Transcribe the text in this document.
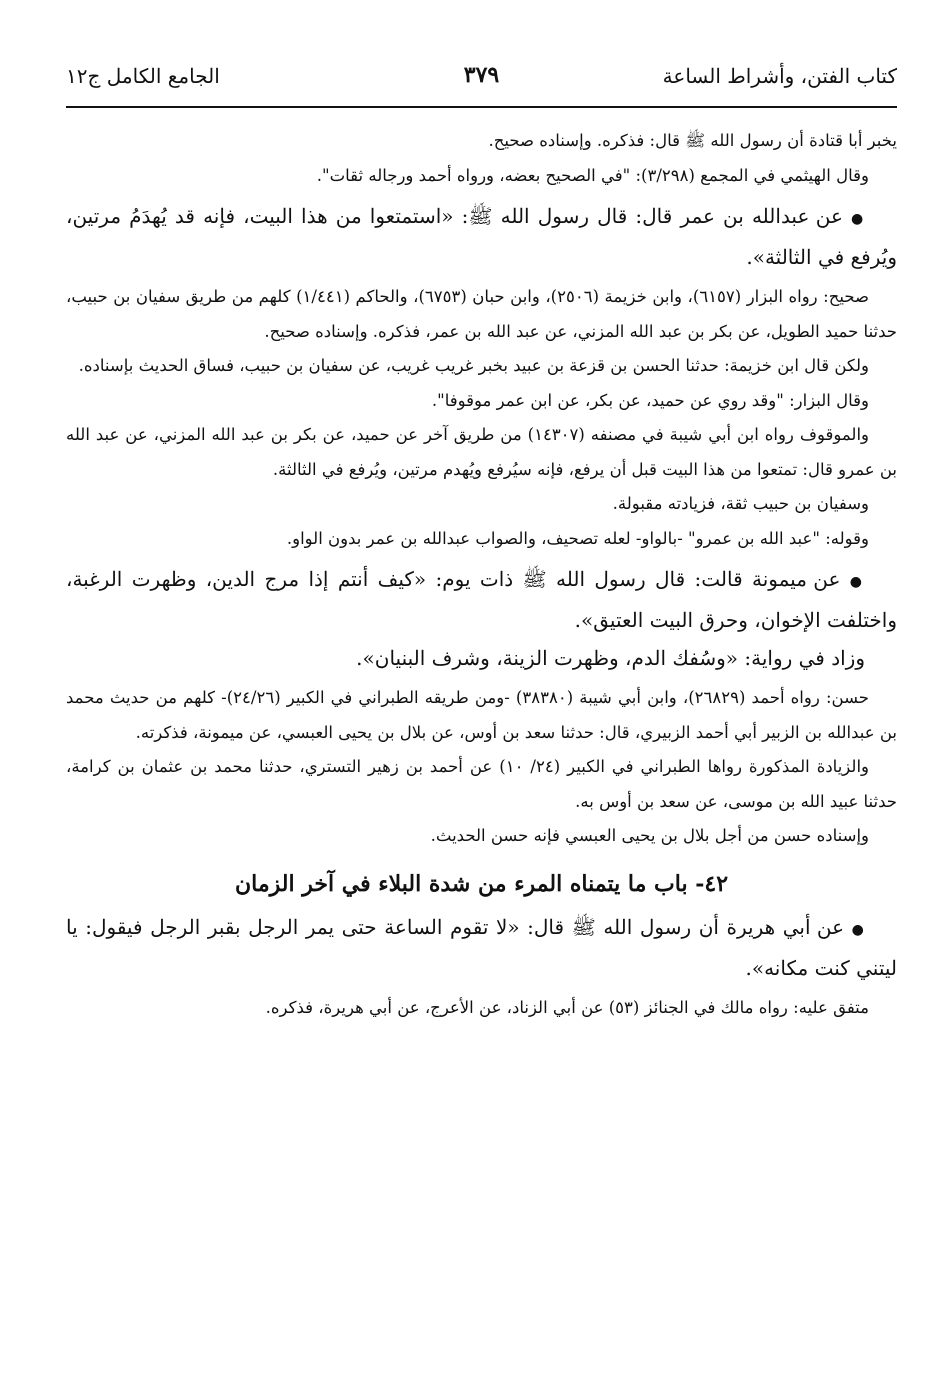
كتاب الفتن، وأشراط الساعة
٣٧٩
الجامع الكامل ج١٢

يخبر أبا قتادة أن رسول الله ﷺ قال: فذكره. وإسناده صحيح.

وقال الهيثمي في المجمع (٣/٢٩٨): "في الصحيح بعضه، ورواه أحمد ورجاله ثقات".

● عن عبدالله بن عمر قال: قال رسول الله ﷺ: «استمتعوا من هذا البيت، فإنه قد يُهدَمُ مرتين، ويُرفع في الثالثة».

صحيح: رواه البزار (٦١٥٧)، وابن خزيمة (٢٥٠٦)، وابن حبان (٦٧٥٣)، والحاكم (١/٤٤١) كلهم من طريق سفيان بن حبيب، حدثنا حميد الطويل، عن بكر بن عبد الله المزني، عن عبد الله بن عمر، فذكره. وإسناده صحيح.

ولكن قال ابن خزيمة: حدثنا الحسن بن قزعة بن عبيد بخبر غريب غريب، عن سفيان بن حبيب، فساق الحديث بإسناده.

وقال البزار: "وقد روي عن حميد، عن بكر، عن ابن عمر موقوفا".

والموقوف رواه ابن أبي شيبة في مصنفه (١٤٣٠٧) من طريق آخر عن حميد، عن بكر بن عبد الله المزني، عن عبد الله بن عمرو قال: تمتعوا من هذا البيت قبل أن يرفع، فإنه سيُرفع ويُهدم مرتين، ويُرفع في الثالثة.

وسفيان بن حبيب ثقة، فزيادته مقبولة.

وقوله: "عبد الله بن عمرو" -بالواو- لعله تصحيف، والصواب عبدالله بن عمر بدون الواو.

● عن ميمونة قالت: قال رسول الله ﷺ ذات يوم: «كيف أنتم إذا مرج الدين، وظهرت الرغبة، واختلفت الإخوان، وحرق البيت العتيق».

وزاد في رواية: «وسُفك الدم، وظهرت الزينة، وشرف البنيان».

حسن: رواه أحمد (٢٦٨٢٩)، وابن أبي شيبة (٣٨٣٨٠) -ومن طريقه الطبراني في الكبير (٢٤/٢٦)- كلهم من حديث محمد بن عبدالله بن الزبير أبي أحمد الزبيري، قال: حدثنا سعد بن أوس، عن بلال بن يحيى العبسي، عن ميمونة، فذكرته.

والزيادة المذكورة رواها الطبراني في الكبير (٢٤/ ١٠) عن أحمد بن زهير التستري، حدثنا محمد بن عثمان بن كرامة، حدثنا عبيد الله بن موسى، عن سعد بن أوس به.

وإسناده حسن من أجل بلال بن يحيى العبسي فإنه حسن الحديث.

٤٢- باب ما يتمناه المرء من شدة البلاء في آخر الزمان

● عن أبي هريرة أن رسول الله ﷺ قال: «لا تقوم الساعة حتى يمر الرجل بقبر الرجل فيقول: يا ليتني كنت مكانه».

متفق عليه: رواه مالك في الجنائز (٥٣) عن أبي الزناد، عن الأعرج، عن أبي هريرة، فذكره.
